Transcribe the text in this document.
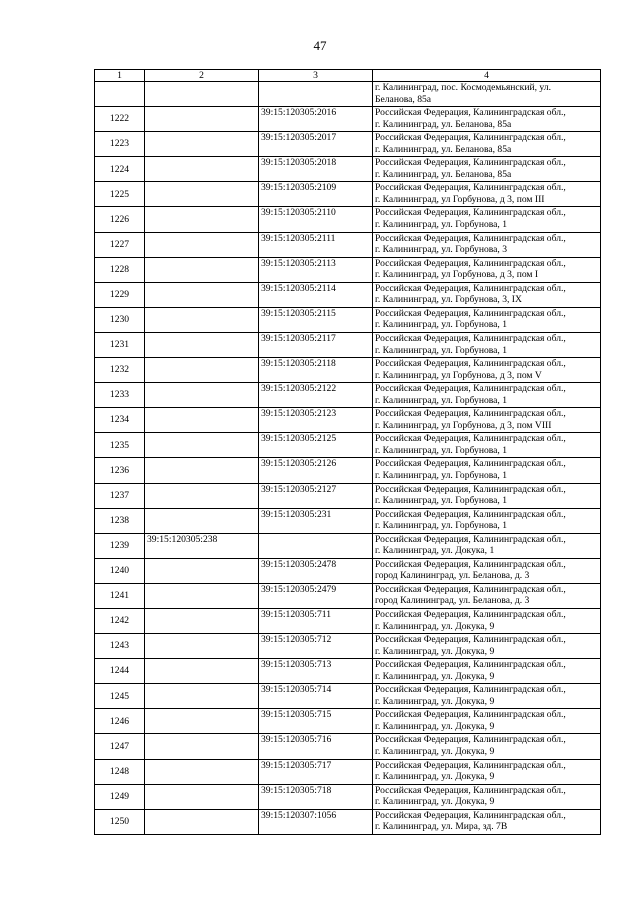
47
1	2	3	4

			г. Калининград, пос. Космодемьянский, ул.
Беланова, 85а

1222		39:15:120305:2016	Российская Федерация, Калининградская обл.,
г. Калининград, ул. Беланова, 85а

1223		39:15:120305:2017	Российская Федерация, Калининградская обл.,
г. Калининград, ул. Беланова, 85а

1224		39:15:120305:2018	Российская Федерация, Калининградская обл.,
г. Калининград, ул. Беланова, 85а

1225		39:15:120305:2109	Российская Федерация, Калининградская обл.,
г. Калининград, ул Горбунова, д 3, пом III

1226		39:15:120305:2110	Российская Федерация, Калининградская обл.,
г. Калининград, ул. Горбунова, 1

1227		39:15:120305:2111	Российская Федерация, Калининградская обл.,
г. Калининград, ул. Горбунова, 3

1228		39:15:120305:2113	Российская Федерация, Калининградская обл.,
г. Калининград, ул Горбунова, д 3, пом I

1229		39:15:120305:2114	Российская Федерация, Калининградская обл.,
г. Калининград, ул. Горбунова, 3, IX

1230		39:15:120305:2115	Российская Федерация, Калининградская обл.,
г. Калининград, ул. Горбунова, 1

1231		39:15:120305:2117	Российская Федерация, Калининградская обл.,
г. Калининград, ул. Горбунова, 1

1232		39:15:120305:2118	Российская Федерация, Калининградская обл.,
г. Калининград, ул Горбунова, д 3, пом V

1233		39:15:120305:2122	Российская Федерация, Калининградская обл.,
г. Калининград, ул. Горбунова, 1

1234		39:15:120305:2123	Российская Федерация, Калининградская обл.,
г. Калининград, ул Горбунова, д 3, пом VIII

1235		39:15:120305:2125	Российская Федерация, Калининградская обл.,
г. Калининград, ул. Горбунова, 1

1236		39:15:120305:2126	Российская Федерация, Калининградская обл.,
г. Калининград, ул. Горбунова, 1

1237		39:15:120305:2127	Российская Федерация, Калининградская обл.,
г. Калининград, ул. Горбунова, 1

1238		39:15:120305:231	Российская Федерация, Калининградская обл.,
г. Калининград, ул. Горбунова, 1

1239	39:15:120305:238		Российская Федерация, Калининградская обл.,
г. Калининград, ул. Докука, 1

1240		39:15:120305:2478	Российская Федерация, Калининградская обл.,
город Калининград, ул. Беланова, д. 3

1241		39:15:120305:2479	Российская Федерация, Калининградская обл.,
город Калининград, ул. Беланова, д. 3

1242		39:15:120305:711	Российская Федерация, Калининградская обл.,
г. Калининград, ул. Докука, 9

1243		39:15:120305:712	Российская Федерация, Калининградская обл.,
г. Калининград, ул. Докука, 9

1244		39:15:120305:713	Российская Федерация, Калининградская обл.,
г. Калининград, ул. Докука, 9

1245		39:15:120305:714	Российская Федерация, Калининградская обл.,
г. Калининград, ул. Докука, 9

1246		39:15:120305:715	Российская Федерация, Калининградская обл.,
г. Калининград, ул. Докука, 9

1247		39:15:120305:716	Российская Федерация, Калининградская обл.,
г. Калининград, ул. Докука, 9

1248		39:15:120305:717	Российская Федерация, Калининградская обл.,
г. Калининград, ул. Докука, 9

1249		39:15:120305:718	Российская Федерация, Калининградская обл.,
г. Калининград, ул. Докука, 9

1250		39:15:120307:1056	Российская Федерация, Калининградская обл.,
г. Калининград, ул. Мира, зд. 7В
